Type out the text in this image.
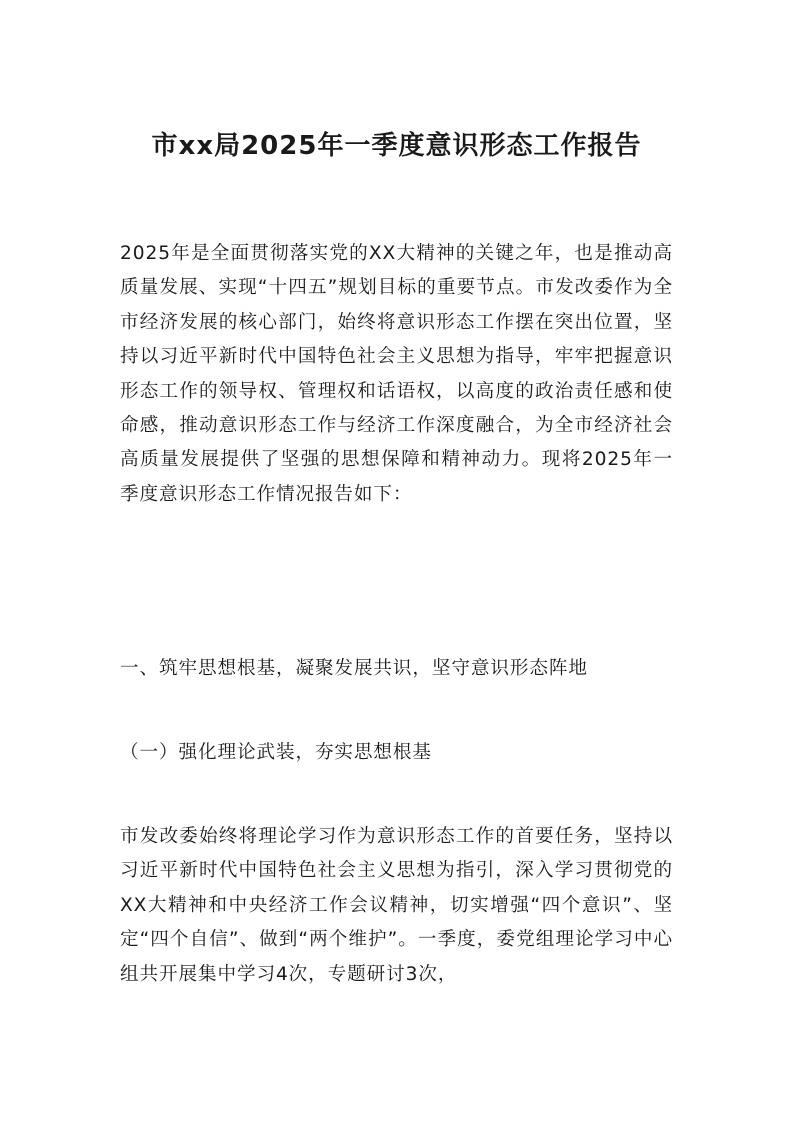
市xx局2025年一季度意识形态工作报告

2025年是全面贯彻落实党的XX大精神的关键之年，也是推动高质量发展、实现“十四五”规划目标的重要节点。市发改委作为全市经济发展的核心部门，始终将意识形态工作摆在突出位置，坚持以习近平新时代中国特色社会主义思想为指导，牢牢把握意识形态工作的领导权、管理权和话语权，以高度的政治责任感和使命感，推动意识形态工作与经济工作深度融合，为全市经济社会高质量发展提供了坚强的思想保障和精神动力。现将2025年一季度意识形态工作情况报告如下：

一、筑牢思想根基，凝聚发展共识，坚守意识形态阵地

（一）强化理论武装，夯实思想根基

市发改委始终将理论学习作为意识形态工作的首要任务，坚持以习近平新时代中国特色社会主义思想为指引，深入学习贯彻党的XX大精神和中央经济工作会议精神，切实增强“四个意识”、坚定“四个自信”、做到“两个维护”。一季度，委党组理论学习中心组共开展集中学习4次，专题研讨3次，
